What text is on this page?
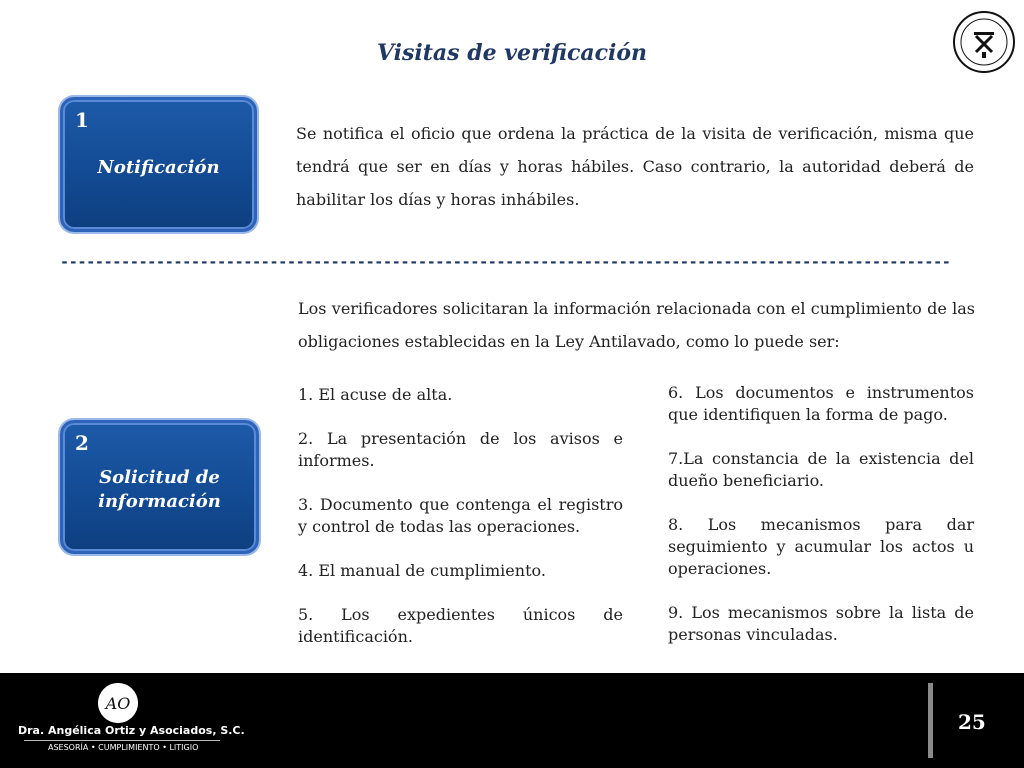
Visitas de verificación
1
Notificación
Se notifica el oficio que ordena la práctica de la visita de verificación, misma que tendrá que ser en días y horas hábiles. Caso contrario, la autoridad deberá de habilitar los días y horas inhábiles.
------------------------------------------------------------------------------------------------------
Los verificadores solicitaran la información relacionada con el cumplimiento de las obligaciones establecidas en la Ley Antilavado, como lo puede ser:
2
Solicitud de
información
1. El acuse de alta.
2. La presentación de los avisos e informes.
3. Documento que contenga el registro y control de todas las operaciones.
4. El manual de cumplimiento.
5. Los expedientes únicos de identificación.
6. Los documentos e instrumentos que identifiquen la forma de pago.
7.La constancia de la existencia del dueño beneficiario.
8. Los mecanismos para dar seguimiento y acumular los actos u operaciones.
9. Los mecanismos sobre la lista de personas vinculadas.
AO
Dra. Angélica Ortiz y Asociados, S.C.
ASESORÍA • CUMPLIMIENTO • LITIGIO
25
